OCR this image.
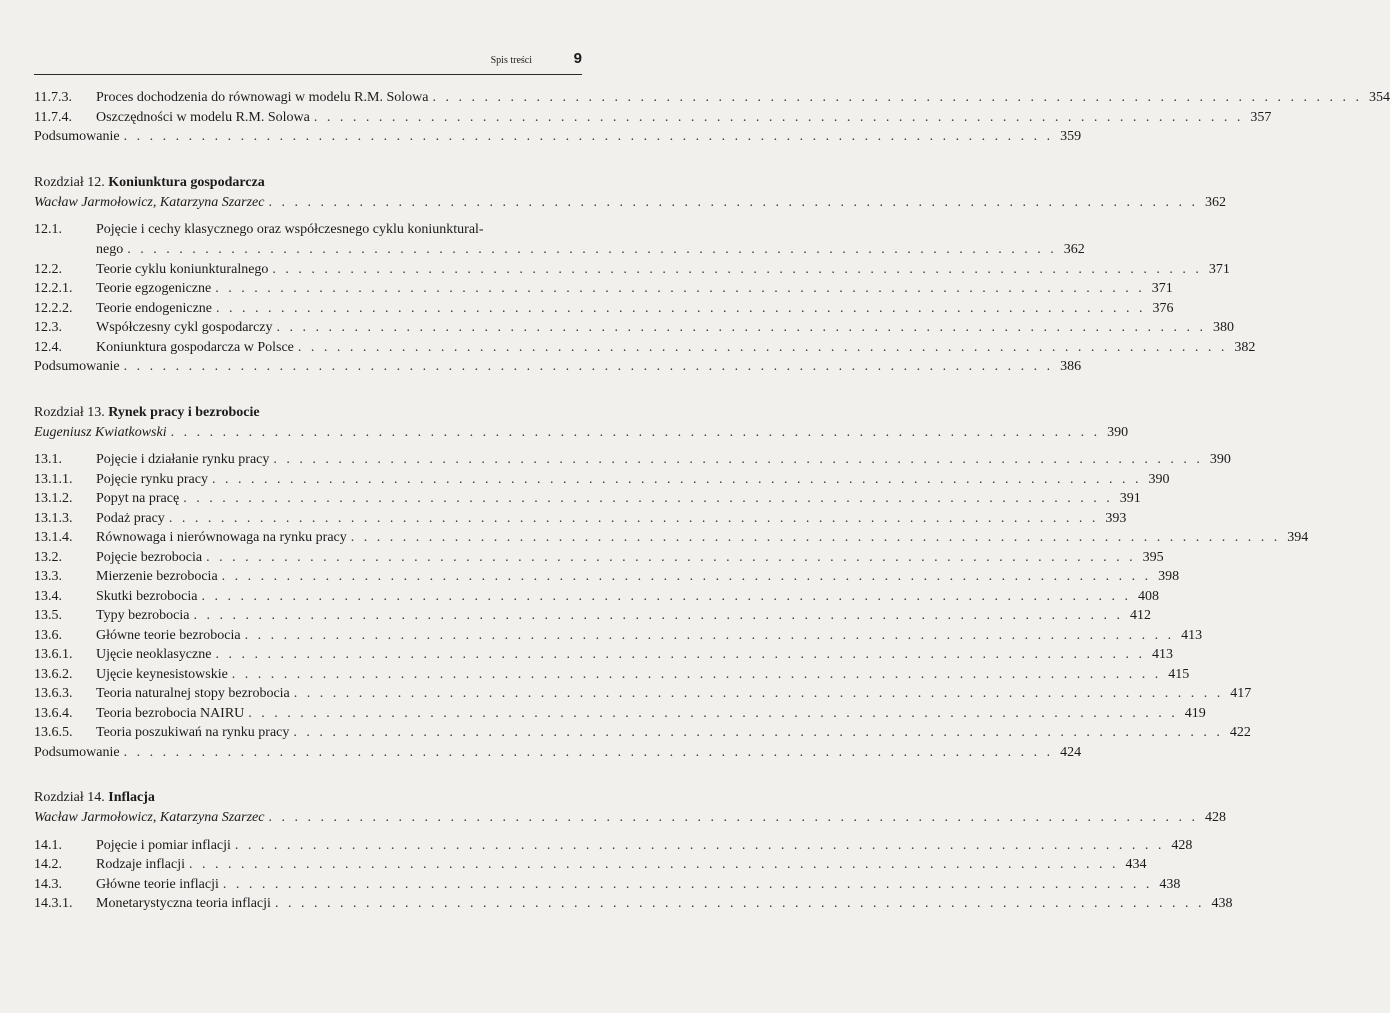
Spis treści	9
11.7.3.	Proces dochodzenia do równowagi w modelu R.M. Solowa . . . . . . . . . . . . . . . . . . . . . . . . . . . . . . . . . . . . . . . . . . . . . . . . . . . . . . . . . . . . . . . . . . . . . . . . 354
11.7.4.	Oszczędności w modelu R.M. Solowa . . . . . . . . . . . . . . . . . . . . . . . . . . . . . . . . . . . . . . . . . . . . . . . . . . . . . . . . . . . . . . . . . . . . . . . . 357
Podsumowanie . . . . . . . . . . . . . . . . . . . . . . . . . . . . . . . . . . . . . . . . . . . . . . . . . . . . . . . . . . . . . . . . . . . . . . . . 359
Rozdział 12.
Koniunktura gospodarcza
Wacław Jarmołowicz, Katarzyna Szarzec . . . . . . . . . . . . . . . . . . . . . . . . . . . . . . . . . . . . . . . . . . . . . . . . . . . . . . . . . . . . . . . . . . . . . . . . 362
12.1.	Pojęcie i cechy klasycznego oraz współczesnego cyklu koniunktural-
nego . . . . . . . . . . . . . . . . . . . . . . . . . . . . . . . . . . . . . . . . . . . . . . . . . . . . . . . . . . . . . . . . . . . . . . . . 362
12.2.	Teorie cyklu koniunkturalnego . . . . . . . . . . . . . . . . . . . . . . . . . . . . . . . . . . . . . . . . . . . . . . . . . . . . . . . . . . . . . . . . . . . . . . . . 371
12.2.1.	Teorie egzogeniczne . . . . . . . . . . . . . . . . . . . . . . . . . . . . . . . . . . . . . . . . . . . . . . . . . . . . . . . . . . . . . . . . . . . . . . . . 371
12.2.2.	Teorie endogeniczne . . . . . . . . . . . . . . . . . . . . . . . . . . . . . . . . . . . . . . . . . . . . . . . . . . . . . . . . . . . . . . . . . . . . . . . . 376
12.3.	Współczesny cykl gospodarczy . . . . . . . . . . . . . . . . . . . . . . . . . . . . . . . . . . . . . . . . . . . . . . . . . . . . . . . . . . . . . . . . . . . . . . . . 380
12.4.	Koniunktura gospodarcza w Polsce . . . . . . . . . . . . . . . . . . . . . . . . . . . . . . . . . . . . . . . . . . . . . . . . . . . . . . . . . . . . . . . . . . . . . . . . 382
Podsumowanie . . . . . . . . . . . . . . . . . . . . . . . . . . . . . . . . . . . . . . . . . . . . . . . . . . . . . . . . . . . . . . . . . . . . . . . . 386
Rozdział 13.
Rynek pracy i bezrobocie
Eugeniusz Kwiatkowski . . . . . . . . . . . . . . . . . . . . . . . . . . . . . . . . . . . . . . . . . . . . . . . . . . . . . . . . . . . . . . . . . . . . . . . . 390
13.1.	Pojęcie i działanie rynku pracy . . . . . . . . . . . . . . . . . . . . . . . . . . . . . . . . . . . . . . . . . . . . . . . . . . . . . . . . . . . . . . . . . . . . . . . . 390
13.1.1.	Pojęcie rynku pracy . . . . . . . . . . . . . . . . . . . . . . . . . . . . . . . . . . . . . . . . . . . . . . . . . . . . . . . . . . . . . . . . . . . . . . . . 390
13.1.2.	Popyt na pracę . . . . . . . . . . . . . . . . . . . . . . . . . . . . . . . . . . . . . . . . . . . . . . . . . . . . . . . . . . . . . . . . . . . . . . . . 391
13.1.3.	Podaż pracy . . . . . . . . . . . . . . . . . . . . . . . . . . . . . . . . . . . . . . . . . . . . . . . . . . . . . . . . . . . . . . . . . . . . . . . . 393
13.1.4.	Równowaga i nierównowaga na rynku pracy . . . . . . . . . . . . . . . . . . . . . . . . . . . . . . . . . . . . . . . . . . . . . . . . . . . . . . . . . . . . . . . . . . . . . . . . 394
13.2.	Pojęcie bezrobocia . . . . . . . . . . . . . . . . . . . . . . . . . . . . . . . . . . . . . . . . . . . . . . . . . . . . . . . . . . . . . . . . . . . . . . . . 395
13.3.	Mierzenie bezrobocia . . . . . . . . . . . . . . . . . . . . . . . . . . . . . . . . . . . . . . . . . . . . . . . . . . . . . . . . . . . . . . . . . . . . . . . . 398
13.4.	Skutki bezrobocia . . . . . . . . . . . . . . . . . . . . . . . . . . . . . . . . . . . . . . . . . . . . . . . . . . . . . . . . . . . . . . . . . . . . . . . . 408
13.5.	Typy bezrobocia . . . . . . . . . . . . . . . . . . . . . . . . . . . . . . . . . . . . . . . . . . . . . . . . . . . . . . . . . . . . . . . . . . . . . . . . 412
13.6.	Główne teorie bezrobocia . . . . . . . . . . . . . . . . . . . . . . . . . . . . . . . . . . . . . . . . . . . . . . . . . . . . . . . . . . . . . . . . . . . . . . . . 413
13.6.1.	Ujęcie neoklasyczne . . . . . . . . . . . . . . . . . . . . . . . . . . . . . . . . . . . . . . . . . . . . . . . . . . . . . . . . . . . . . . . . . . . . . . . . 413
13.6.2.	Ujęcie keynesistowskie . . . . . . . . . . . . . . . . . . . . . . . . . . . . . . . . . . . . . . . . . . . . . . . . . . . . . . . . . . . . . . . . . . . . . . . . 415
13.6.3.	Teoria naturalnej stopy bezrobocia . . . . . . . . . . . . . . . . . . . . . . . . . . . . . . . . . . . . . . . . . . . . . . . . . . . . . . . . . . . . . . . . . . . . . . . . 417
13.6.4.	Teoria bezrobocia NAIRU . . . . . . . . . . . . . . . . . . . . . . . . . . . . . . . . . . . . . . . . . . . . . . . . . . . . . . . . . . . . . . . . . . . . . . . . 419
13.6.5.	Teoria poszukiwań na rynku pracy . . . . . . . . . . . . . . . . . . . . . . . . . . . . . . . . . . . . . . . . . . . . . . . . . . . . . . . . . . . . . . . . . . . . . . . . 422
Podsumowanie . . . . . . . . . . . . . . . . . . . . . . . . . . . . . . . . . . . . . . . . . . . . . . . . . . . . . . . . . . . . . . . . . . . . . . . . 424
Rozdział 14.
Inflacja
Wacław Jarmołowicz, Katarzyna Szarzec . . . . . . . . . . . . . . . . . . . . . . . . . . . . . . . . . . . . . . . . . . . . . . . . . . . . . . . . . . . . . . . . . . . . . . . . 428
14.1.	Pojęcie i pomiar inflacji . . . . . . . . . . . . . . . . . . . . . . . . . . . . . . . . . . . . . . . . . . . . . . . . . . . . . . . . . . . . . . . . . . . . . . . . 428
14.2.	Rodzaje inflacji . . . . . . . . . . . . . . . . . . . . . . . . . . . . . . . . . . . . . . . . . . . . . . . . . . . . . . . . . . . . . . . . . . . . . . . . 434
14.3.	Główne teorie inflacji . . . . . . . . . . . . . . . . . . . . . . . . . . . . . . . . . . . . . . . . . . . . . . . . . . . . . . . . . . . . . . . . . . . . . . . . 438
14.3.1.	Monetarystyczna teoria inflacji . . . . . . . . . . . . . . . . . . . . . . . . . . . . . . . . . . . . . . . . . . . . . . . . . . . . . . . . . . . . . . . . . . . . . . . . 438
